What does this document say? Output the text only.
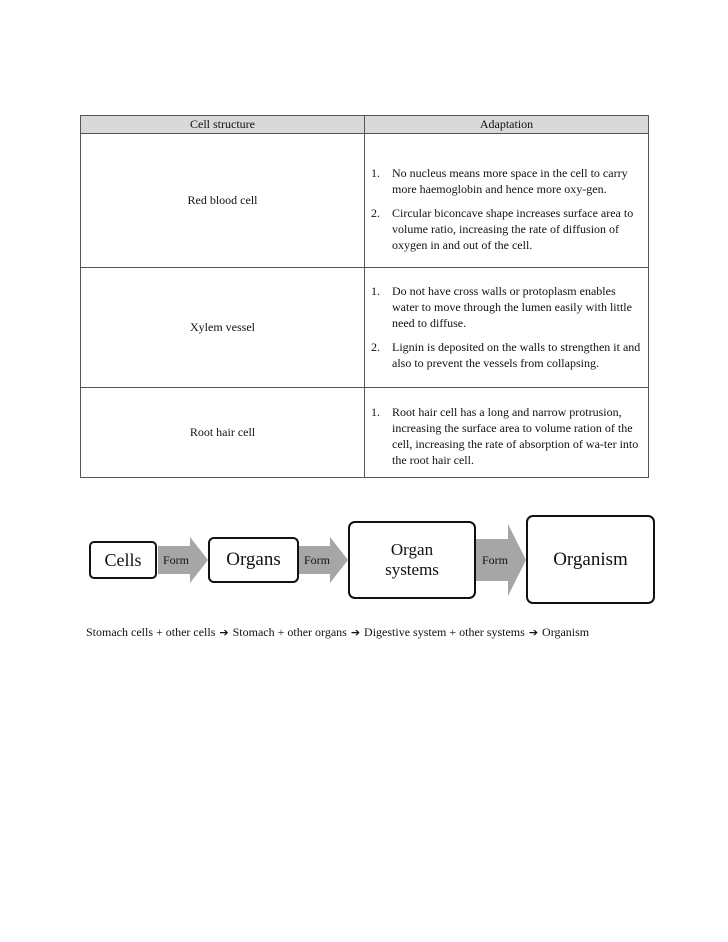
Cell structure	Adaptation
Red blood cell
1. No nucleus means more space in the cell to carry more haemoglobin and hence more oxy-gen.
2. Circular biconcave shape increases surface area to volume ratio, increasing the rate of diffusion of oxygen in and out of the cell.
Xylem vessel
1. Do not have cross walls or protoplasm enables water to move through the lumen easily with little need to diffuse.
2. Lignin is deposited on the walls to strengthen it and also to prevent the vessels from collapsing.
Root hair cell
1. Root hair cell has a long and narrow protrusion, increasing the surface area to volume ration of the cell, increasing the rate of absorption of wa-ter into the root hair cell.
Form	Form	Form
Cells	Organs	Organ
systems	Organism
Stomach cells + other cells ➔ Stomach + other organs ➔ Digestive system + other systems ➔ Organism
